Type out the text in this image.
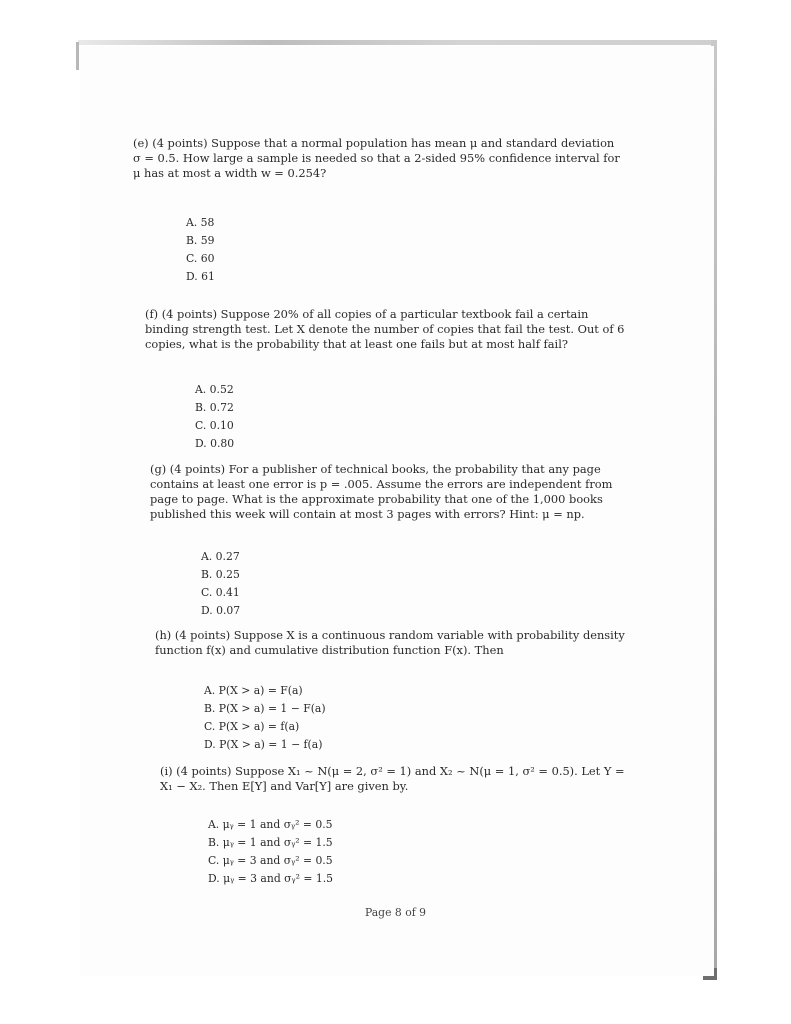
(e) (4 points) Suppose that a normal population has mean μ and standard deviation σ = 0.5. How large a sample is needed so that a 2-sided 95% confidence interval for μ has at most a width w = 0.254?
A. 58
B. 59
C. 60
D. 61
(f) (4 points) Suppose 20% of all copies of a particular textbook fail a certain binding strength test. Let X denote the number of copies that fail the test. Out of 6 copies, what is the probability that at least one fails but at most half fail?
A. 0.52
B. 0.72
C. 0.10
D. 0.80
(g) (4 points) For a publisher of technical books, the probability that any page contains at least one error is p = .005. Assume the errors are independent from page to page. What is the approximate probability that one of the 1,000 books published this week will contain at most 3 pages with errors? Hint: μ = np.
A. 0.27
B. 0.25
C. 0.41
D. 0.07
(h) (4 points) Suppose X is a continuous random variable with probability density function f(x) and cumulative distribution function F(x). Then
A. P(X > a) = F(a)
B. P(X > a) = 1 − F(a)
C. P(X > a) = f(a)
D. P(X > a) = 1 − f(a)
(i) (4 points) Suppose X₁ ~ N(μ = 2, σ² = 1) and X₂ ~ N(μ = 1, σ² = 0.5). Let Y = X₁ − X₂. Then E[Y] and Var[Y] are given by.
A. μᵧ = 1 and σᵧ² = 0.5
B. μᵧ = 1 and σᵧ² = 1.5
C. μᵧ = 3 and σᵧ² = 0.5
D. μᵧ = 3 and σᵧ² = 1.5
Page 8 of 9
